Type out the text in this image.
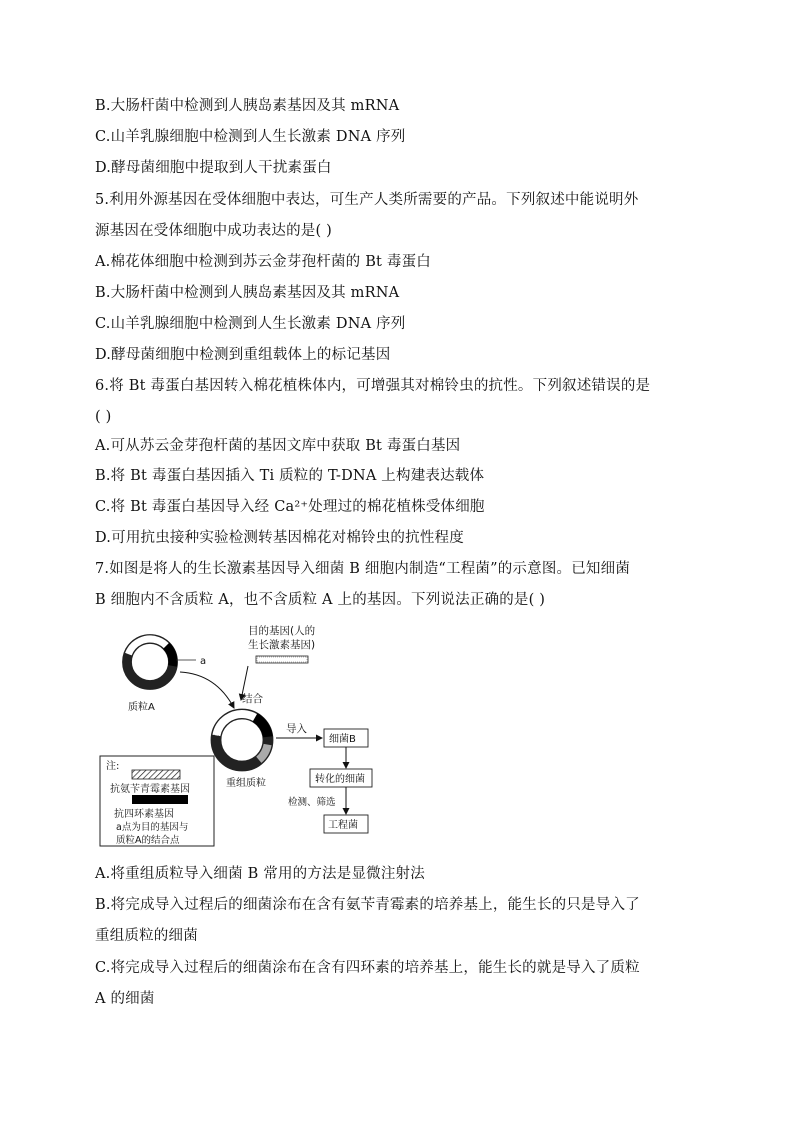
B.大肠杆菌中检测到人胰岛素基因及其 mRNA
C.山羊乳腺细胞中检测到人生长激素 DNA 序列
D.酵母菌细胞中提取到人干扰素蛋白
5.利用外源基因在受体细胞中表达，可生产人类所需要的产品。下列叙述中能说明外
源基因在受体细胞中成功表达的是( )
A.棉花体细胞中检测到苏云金芽孢杆菌的 Bt 毒蛋白
B.大肠杆菌中检测到人胰岛素基因及其 mRNA
C.山羊乳腺细胞中检测到人生长激素 DNA 序列
D.酵母菌细胞中检测到重组载体上的标记基因
6.将 Bt 毒蛋白基因转入棉花植株体内，可增强其对棉铃虫的抗性。下列叙述错误的是
( )
A.可从苏云金芽孢杆菌的基因文库中获取 Bt 毒蛋白基因
B.将 Bt 毒蛋白基因插入 Ti 质粒的 T-DNA 上构建表达载体
C.将 Bt 毒蛋白基因导入经 Ca²⁺处理过的棉花植株受体细胞
D.可用抗虫接种实验检测转基因棉花对棉铃虫的抗性程度
7.如图是将人的生长激素基因导入细菌 B 细胞内制造“工程菌”的示意图。已知细菌
B 细胞内不含质粒 A，也不含质粒 A 上的基因。下列说法正确的是( )
a
质粒A
目的基因(人的
生长激素基因)
结合
重组质粒
导入
细菌B
转化的细菌
检测、筛选
工程菌
注:
抗氨苄青霉素基因
抗四环素基因
a点为目的基因与
质粒A的结合点
A.将重组质粒导入细菌 B 常用的方法是显微注射法
B.将完成导入过程后的细菌涂布在含有氨苄青霉素的培养基上，能生长的只是导入了
重组质粒的细菌
C.将完成导入过程后的细菌涂布在含有四环素的培养基上，能生长的就是导入了质粒
A 的细菌
